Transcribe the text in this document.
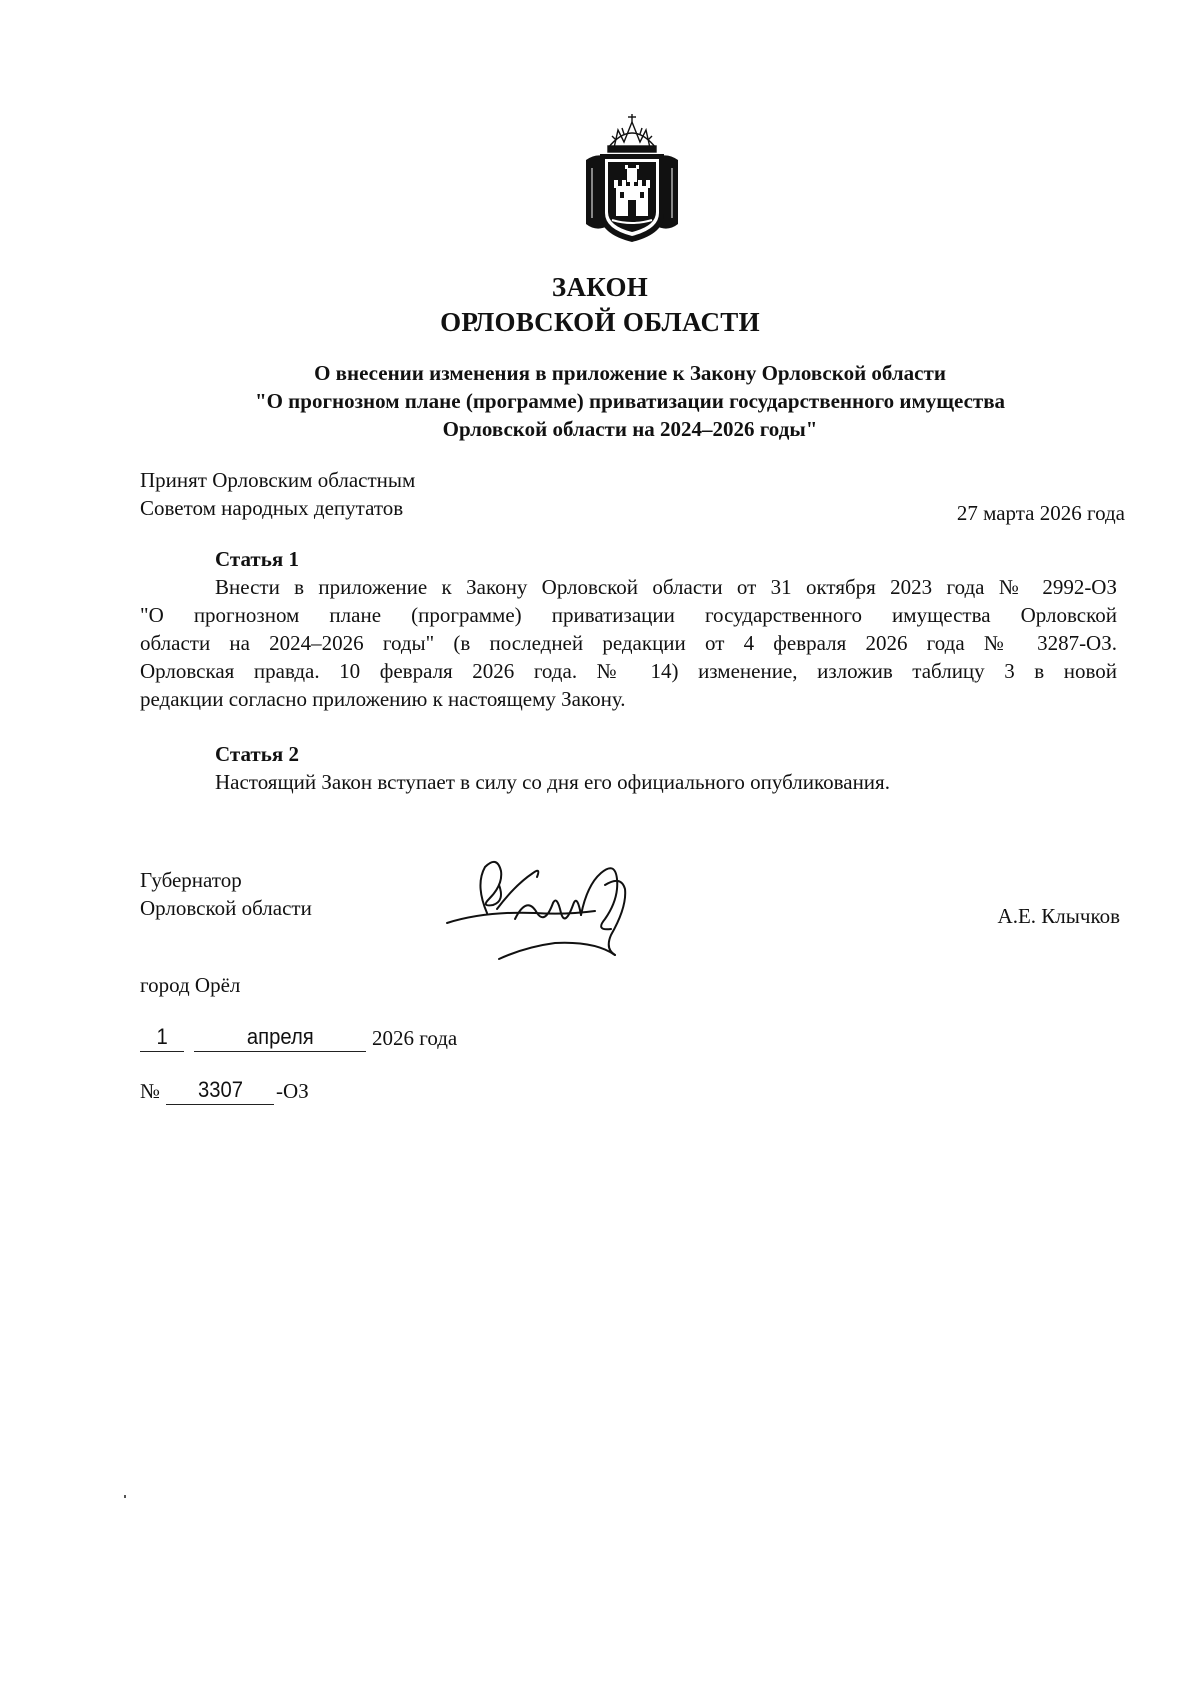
ЗАКОН
ОРЛОВСКОЙ ОБЛАСТИ
О внесении изменения в приложение к Закону Орловской области
"О прогнозном плане (программе) приватизации государственного имущества
Орловской области на 2024–2026 годы"
Принят Орловским областным
Советом народных депутатов	27 марта 2026 года
Статья 1
Внести в приложение к Закону Орловской области от 31 октября 2023 года № 2992-ОЗ
"О прогнозном плане (программе) приватизации государственного имущества Орловской
области на 2024–2026 годы" (в последней редакции от 4 февраля 2026 года № 3287-ОЗ.
Орловская правда. 10 февраля 2026 года. № 14) изменение, изложив таблицу 3 в новой
редакции согласно приложению к настоящему Закону.
Статья 2
Настоящий Закон вступает в силу со дня его официального опубликования.
Губернатор
Орловской области	А.Е. Клычков
город Орёл
1	апреля	2026 года
№ 3307 -ОЗ
